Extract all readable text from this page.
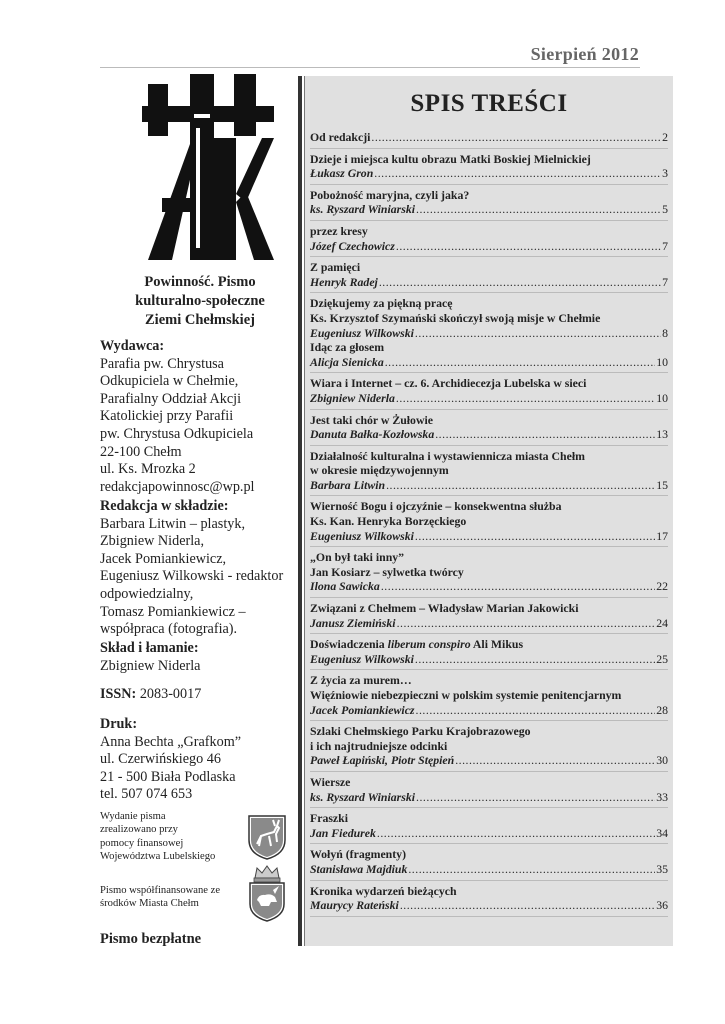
Sierpień 2012
Powinność. Pismo
kulturalno-społeczne
Ziemi Chełmskiej
Wydawca:
Parafia pw. Chrystusa
Odkupiciela w Chełmie,
Parafialny Oddział Akcji
Katolickiej przy Parafii
pw. Chrystusa Odkupiciela
22-100 Chełm
ul. Ks. Mrozka 2
redakcjapowinnosc@wp.pl
Redakcja w składzie:
Barbara Litwin – plastyk,
Zbigniew Niderla,
Jacek Pomiankiewicz,
Eugeniusz Wilkowski - redaktor
odpowiedzialny,
Tomasz Pomiankiewicz –
współpraca (fotografia).
Skład i łamanie:
Zbigniew Niderla
ISSN: 2083-0017
Druk:
Anna Bechta „Grafkom”
ul. Czerwińskiego 46
21 - 500 Biała Podlaska
tel. 507 074 653
Wydanie pisma
zrealizowano przy
pomocy finansowej
Województwa Lubelskiego
Pismo współfinansowane ze
środków Miasta Chełm
Pismo bezpłatne
SPIS TREŚCI
Od redakcji .....	2
Dzieje i miejsca kultu obrazu Matki Boskiej Mielnickiej
Łukasz Gron .....	3
Pobożność maryjna, czyli jaka?
ks. Ryszard Winiarski .....	5
przez kresy
Józef Czechowicz .....	7
Z pamięci
Henryk Radej .....	7
Dziękujemy za piękną pracę
Ks. Krzysztof Szymański skończył swoją misje w Chełmie
Eugeniusz Wilkowski .....	8
Idąc za głosem
Alicja Sienicka .....	10
Wiara i Internet – cz. 6. Archidiecezja Lubelska w sieci
Zbigniew Niderla .....	10
Jest taki chór w Żułowie
Danuta Bałka-Kozłowska .....	13
Działalność kulturalna i wystawiennicza miasta Chełm
w okresie międzywojennym
Barbara Litwin .....	15
Wierność Bogu i ojczyźnie – konsekwentna służba
Ks. Kan. Henryka Borzęckiego
Eugeniusz Wilkowski .....	17
„On był taki inny”
Jan Kosiarz – sylwetka twórcy
Ilona Sawicka .....	22
Związani z Chełmem – Władysław Marian Jakowicki
Janusz Ziemiński .....	24
Doświadczenia liberum conspiro Ali Mikus
Eugeniusz Wilkowski .....	25
Z życia za murem…
Więźniowie niebezpieczni w polskim systemie penitencjarnym
Jacek Pomiankiewicz .....	28
Szlaki Chełmskiego Parku Krajobrazowego
i ich najtrudniejsze odcinki
Paweł Łapiński, Piotr Stępień .....	30
Wiersze
ks. Ryszard Winiarski .....	33
Fraszki
Jan Fiedurek .....	34
Wołyń (fragmenty)
Stanisława Majdiuk .....	35
Kronika wydarzeń bieżących
Maurycy Rateński .....	36
